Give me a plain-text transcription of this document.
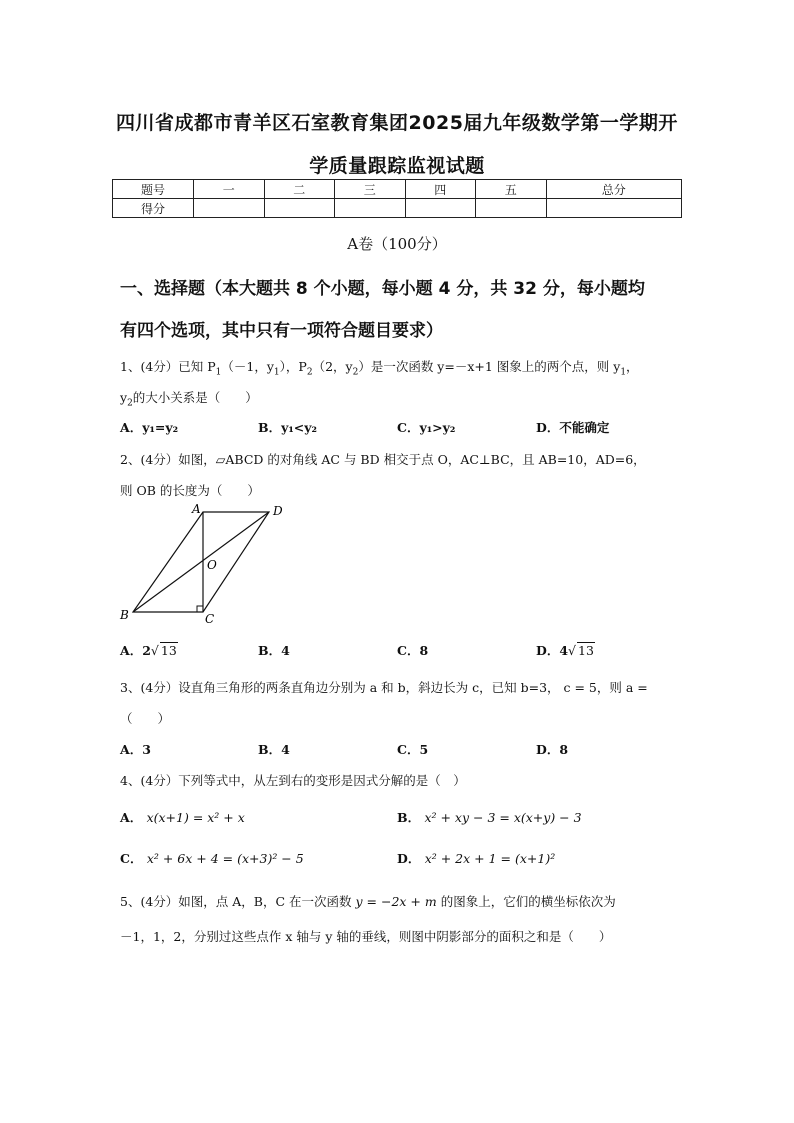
四川省成都市青羊区石室教育集团2025届九年级数学第一学期开
学质量跟踪监视试题
题号	一	二	三	四	五	总分
得分						
A卷（100分）
一、选择题（本大题共 8 个小题，每小题 4 分，共 32 分，每小题均
有四个选项，其中只有一项符合题目要求）
1、(4分）已知 $P_1(-1$，$y_1$），$P_2(2$，$y_2$）是一次函数 y=－x+1 图象上的两个点，则 $y_1$，
$y_2$的大小关系是（　　）
A．y₁=y₂	B．y₁<y₂	C．y₁>y₂	D．不能确定
2、(4分）如图，▱ABCD 的对角线 AC 与 BD 相交于点 O，AC⊥BC，且 AB=10，AD=6，
则 OB 的长度为（　　）
A	D
O
B	C
A．2√ 13	B．4	C．8	D．4√ 13
3、(4分）设直角三角形的两条直角边分别为 a 和 b，斜边长为 c，已知 b=3， c = 5，则 a =
（　　）
A．3	B．4	C．5	D．8
4、(4分）下列等式中，从左到右的变形是因式分解的是（　）
A． x(x+1) = x² + x	B． x² + xy − 3 = x(x+y) − 3
C． x² + 6x + 4 = (x+3)² − 5	D． x² + 2x + 1 = (x+1)²
5、(4分）如图，点 A，B，C 在一次函数 y = −2x + m 的图象上，它们的横坐标依次为
－1，1，2，分别过这些点作 x 轴与 y 轴的垂线，则图中阴影部分的面积之和是（　　）
